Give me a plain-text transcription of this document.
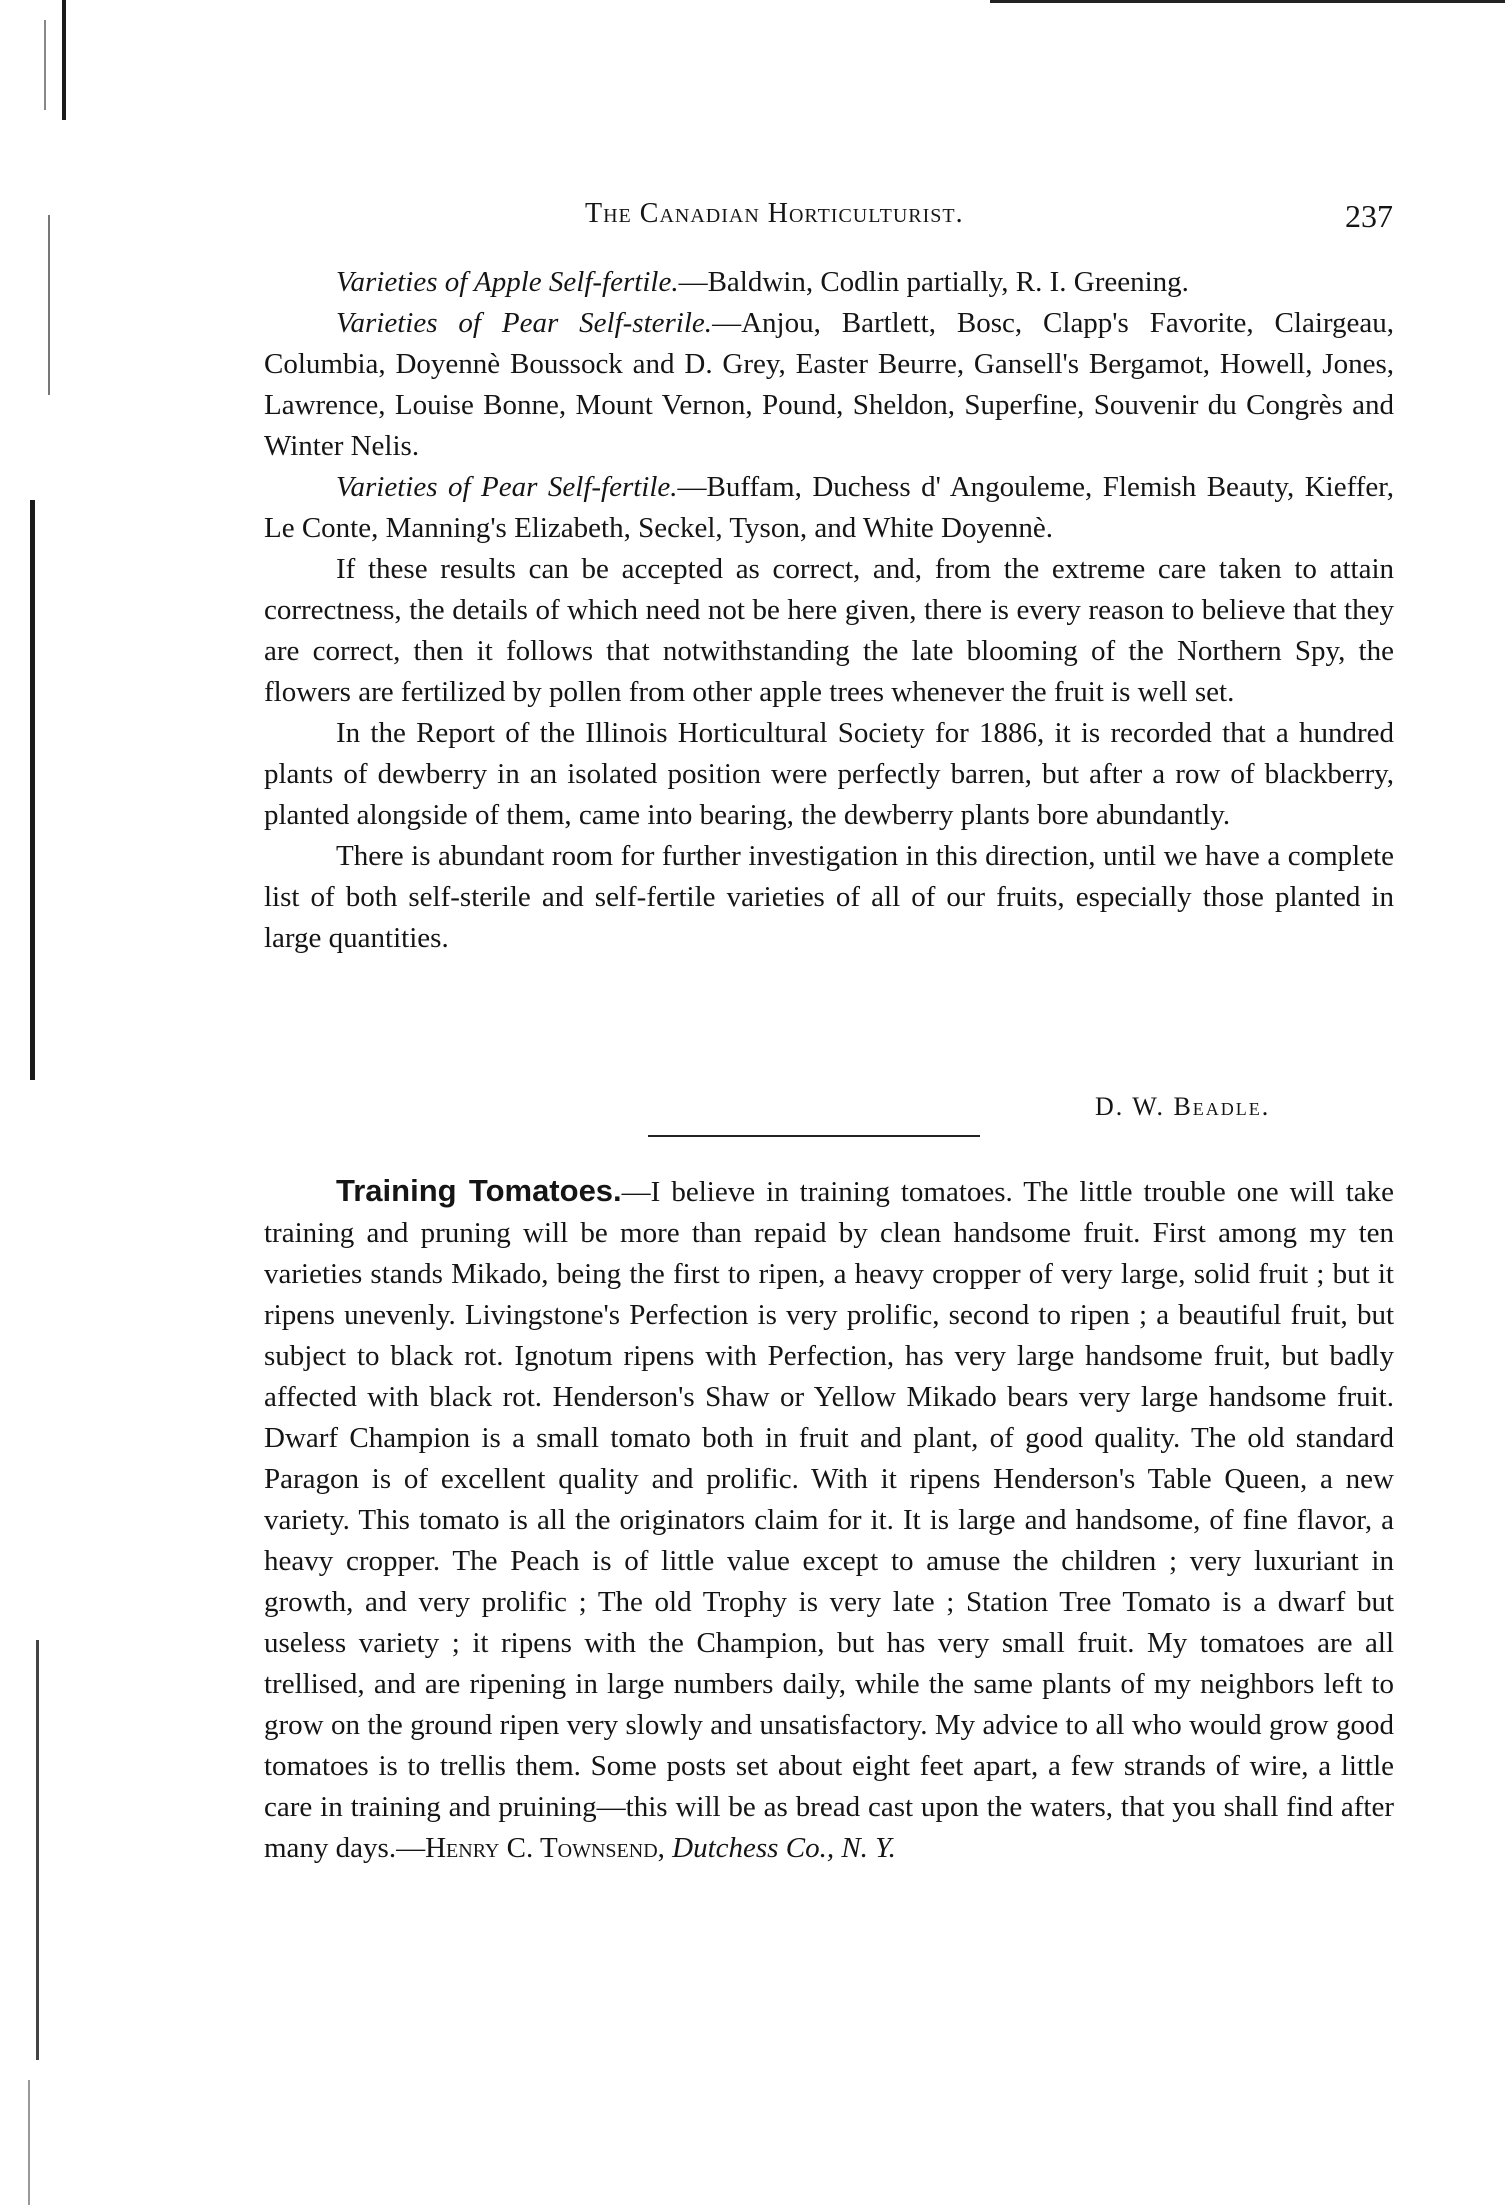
The Canadian Horticulturist.	237

Varieties of Apple Self-fertile.—Baldwin, Codlin partially, R. I. Greening.

Varieties of Pear Self-sterile.—Anjou, Bartlett, Bosc, Clapp's Favorite, Clairgeau, Columbia, Doyennè Boussock and D. Grey, Easter Beurre, Gansell's Bergamot, Howell, Jones, Lawrence, Louise Bonne, Mount Vernon, Pound, Sheldon, Superfine, Souvenir du Congrès and Winter Nelis.

Varieties of Pear Self-fertile.—Buffam, Duchess d' Angouleme, Flemish Beauty, Kieffer, Le Conte, Manning's Elizabeth, Seckel, Tyson, and White Doyennè.

If these results can be accepted as correct, and, from the extreme care taken to attain correctness, the details of which need not be here given, there is every reason to believe that they are correct, then it follows that notwithstanding the late blooming of the Northern Spy, the flowers are fertilized by pollen from other apple trees whenever the fruit is well set.

In the Report of the Illinois Horticultural Society for 1886, it is recorded that a hundred plants of dewberry in an isolated position were perfectly barren, but after a row of blackberry, planted alongside of them, came into bearing, the dewberry plants bore abundantly.

There is abundant room for further investigation in this direction, until we have a complete list of both self-sterile and self-fertile varieties of all of our fruits, especially those planted in large quantities.

D. W. Beadle.

Training Tomatoes.—I believe in training tomatoes. The little trouble one will take training and pruning will be more than repaid by clean handsome fruit. First among my ten varieties stands Mikado, being the first to ripen, a heavy cropper of very large, solid fruit ; but it ripens unevenly. Livingstone's Perfection is very prolific, second to ripen ; a beautiful fruit, but subject to black rot. Ignotum ripens with Perfection, has very large handsome fruit, but badly affected with black rot. Henderson's Shaw or Yellow Mikado bears very large handsome fruit. Dwarf Champion is a small tomato both in fruit and plant, of good quality. The old standard Paragon is of excellent quality and prolific. With it ripens Henderson's Table Queen, a new variety. This tomato is all the originators claim for it. It is large and handsome, of fine flavor, a heavy cropper. The Peach is of little value except to amuse the children ; very luxuriant in growth, and very prolific ; The old Trophy is very late ; Station Tree Tomato is a dwarf but useless variety ; it ripens with the Champion, but has very small fruit. My tomatoes are all trellised, and are ripening in large numbers daily, while the same plants of my neighbors left to grow on the ground ripen very slowly and unsatisfactory. My advice to all who would grow good tomatoes is to trellis them. Some posts set about eight feet apart, a few strands of wire, a little care in training and pruining—this will be as bread cast upon the waters, that you shall find after many days.—Henry C. Townsend, Dutchess Co., N. Y.
